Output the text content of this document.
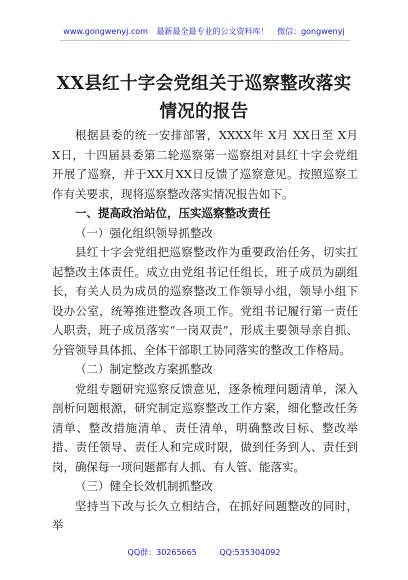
www.gongwenyj.com 最新最全最专业的公文资料库！ 微信：gongwenyj
XX县红十字会党组关于巡察整改落实情况的报告

根据县委的统一安排部署，XXXX年 X月 XX日至 X月 X日，十四届县委第二轮巡察第一巡察组对县红十字会党组开展了巡察，并于XX月XX日反馈了巡察意见。按照巡察工作有关要求，现将巡察整改落实情况报告如下。

一、提高政治站位，压实巡察整改责任

（一）强化组织领导抓整改

县红十字会党组把巡察整改作为重要政治任务，切实扛起整改主体责任。成立由党组书记任组长，班子成员为副组长，有关人员为成员的巡察整改工作领导小组，领导小组下设办公室，统筹推进整改各项工作。党组书记履行第一责任人职责，班子成员落实“一岗双责”，形成主要领导亲自抓、分管领导具体抓、全体干部职工协同落实的整改工作格局。

（二）制定整改方案抓整改

党组专题研究巡察反馈意见，逐条梳理问题清单，深入剖析问题根源，研究制定巡察整改工作方案，细化整改任务清单、整改措施清单、责任清单，明确整改目标、整改举措、责任领导、责任人和完成时限，做到任务到人、责任到岗，确保每一项问题都有人抓、有人管、能落实。

（三）健全长效机制抓整改

坚持当下改与长久立相结合，在抓好问题整改的同时，举

QQ群：30265665	QQ:535304092
